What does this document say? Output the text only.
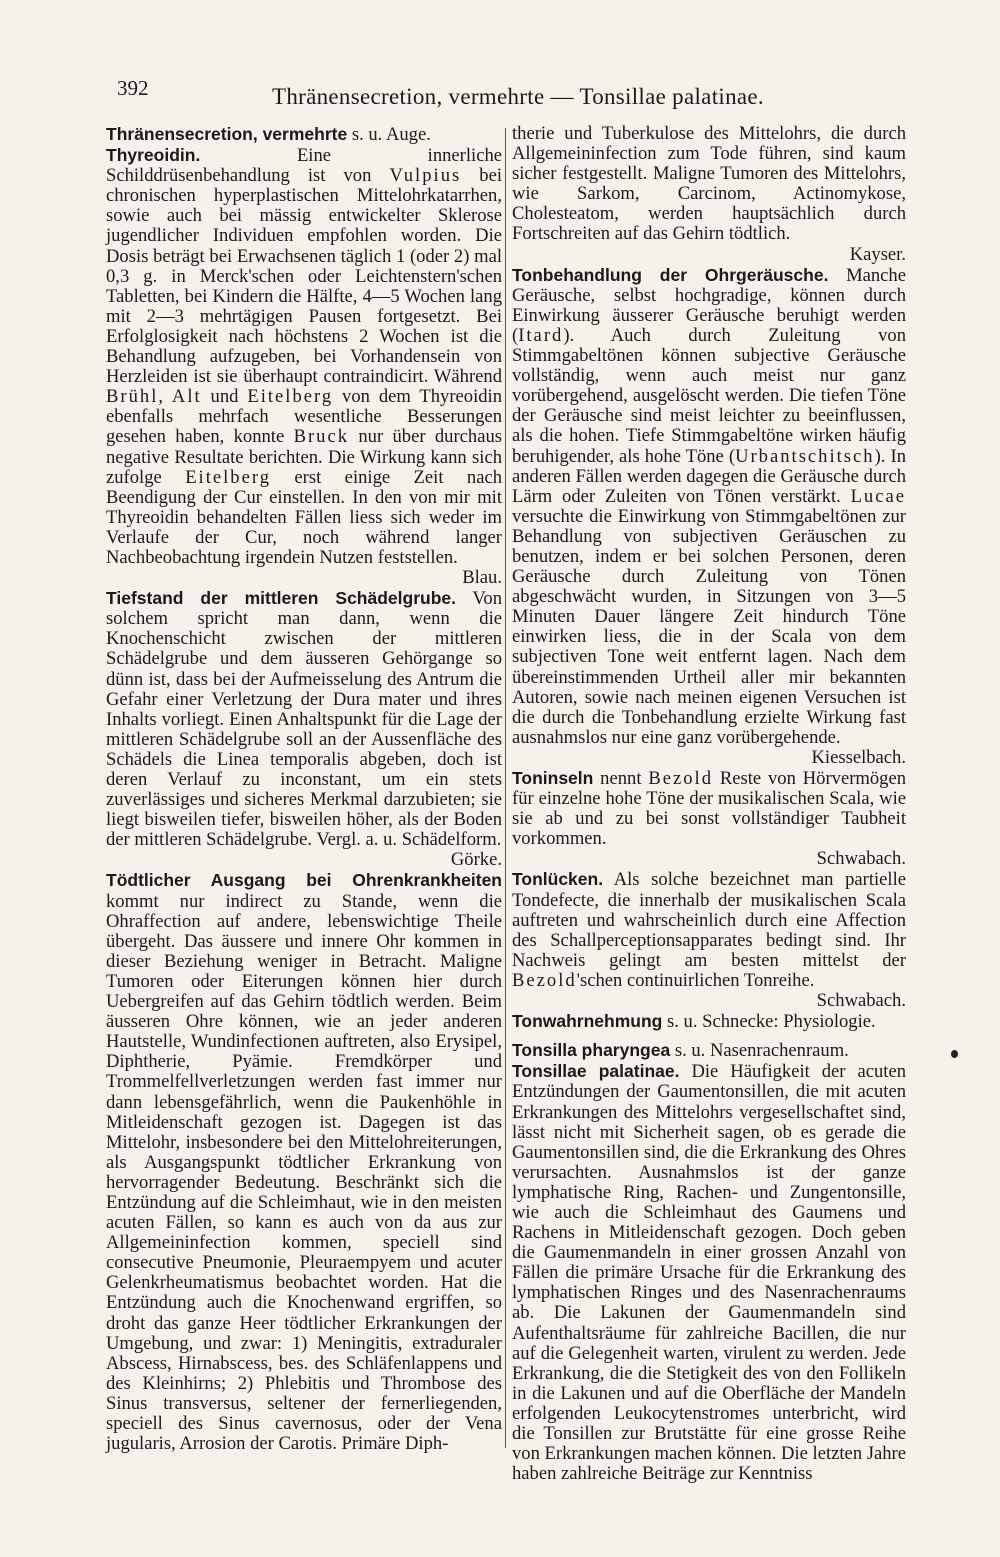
392	Thränensecretion, vermehrte — Tonsillae palatinae.

Thränensecretion, vermehrte s. u. Auge.

Thyreoidin. Eine innerliche Schilddrüsenbehandlung ist von Vulpius bei chronischen hyperplastischen Mittelohrkatarrhen, sowie auch bei mässig entwickelter Sklerose jugendlicher Individuen empfohlen worden. Die Dosis beträgt bei Erwachsenen täglich 1 (oder 2) mal 0,3 g. in Merck'schen oder Leichtenstern'schen Tabletten, bei Kindern die Hälfte, 4—5 Wochen lang mit 2—3 mehrtägigen Pausen fortgesetzt. Bei Erfolglosigkeit nach höchstens 2 Wochen ist die Behandlung aufzugeben, bei Vorhandensein von Herzleiden ist sie überhaupt contraindicirt. Während Brühl, Alt und Eitelberg von dem Thyreoidin ebenfalls mehrfach wesentliche Besserungen gesehen haben, konnte Bruck nur über durchaus negative Resultate berichten. Die Wirkung kann sich zufolge Eitelberg erst einige Zeit nach Beendigung der Cur einstellen. In den von mir mit Thyreoidin behandelten Fällen liess sich weder im Verlaufe der Cur, noch während langer Nachbeobachtung irgendein Nutzen feststellen.
Blau.

Tiefstand der mittleren Schädelgrube. Von solchem spricht man dann, wenn die Knochenschicht zwischen der mittleren Schädelgrube und dem äusseren Gehörgange so dünn ist, dass bei der Aufmeisselung des Antrum die Gefahr einer Verletzung der Dura mater und ihres Inhalts vorliegt. Einen Anhaltspunkt für die Lage der mittleren Schädelgrube soll an der Aussenfläche des Schädels die Linea temporalis abgeben, doch ist deren Verlauf zu inconstant, um ein stets zuverlässiges und sicheres Merkmal darzubieten; sie liegt bisweilen tiefer, bisweilen höher, als der Boden der mittleren Schädelgrube. Vergl. a. u. Schädelform.
Görke.

Tödtlicher Ausgang bei Ohrenkrankheiten kommt nur indirect zu Stande, wenn die Ohraffection auf andere, lebenswichtige Theile übergeht. Das äussere und innere Ohr kommen in dieser Beziehung weniger in Betracht. Maligne Tumoren oder Eiterungen können hier durch Uebergreifen auf das Gehirn tödtlich werden. Beim äusseren Ohre können, wie an jeder anderen Hautstelle, Wundinfectionen auftreten, also Erysipel, Diphtherie, Pyämie. Fremdkörper und Trommelfellverletzungen werden fast immer nur dann lebensgefährlich, wenn die Paukenhöhle in Mitleidenschaft gezogen ist. Dagegen ist das Mittelohr, insbesondere bei den Mittelohreiterungen, als Ausgangspunkt tödtlicher Erkrankung von hervorragender Bedeutung. Beschränkt sich die Entzündung auf die Schleimhaut, wie in den meisten acuten Fällen, so kann es auch von da aus zur Allgemeininfection kommen, speciell sind consecutive Pneumonie, Pleuraempyem und acuter Gelenkrheumatismus beobachtet worden. Hat die Entzündung auch die Knochenwand ergriffen, so droht das ganze Heer tödtlicher Erkrankungen der Umgebung, und zwar: 1) Meningitis, extraduraler Abscess, Hirnabscess, bes. des Schläfenlappens und des Kleinhirns; 2) Phlebitis und Thrombose des Sinus transversus, seltener der fernerliegenden, speciell des Sinus cavernosus, oder der Vena jugularis, Arrosion der Carotis. Primäre Diph-

therie und Tuberkulose des Mittelohrs, die durch Allgemeininfection zum Tode führen, sind kaum sicher festgestellt. Maligne Tumoren des Mittelohrs, wie Sarkom, Carcinom, Actinomykose, Cholesteatom, werden hauptsächlich durch Fortschreiten auf das Gehirn tödtlich.
Kayser.

Tonbehandlung der Ohrgeräusche. Manche Geräusche, selbst hochgradige, können durch Einwirkung äusserer Geräusche beruhigt werden (Itard). Auch durch Zuleitung von Stimmgabeltönen können subjective Geräusche vollständig, wenn auch meist nur ganz vorübergehend, ausgelöscht werden. Die tiefen Töne der Geräusche sind meist leichter zu beeinflussen, als die hohen. Tiefe Stimmgabeltöne wirken häufig beruhigender, als hohe Töne (Urbantschitsch). In anderen Fällen werden dagegen die Geräusche durch Lärm oder Zuleiten von Tönen verstärkt. Lucae versuchte die Einwirkung von Stimmgabeltönen zur Behandlung von subjectiven Geräuschen zu benutzen, indem er bei solchen Personen, deren Geräusche durch Zuleitung von Tönen abgeschwächt wurden, in Sitzungen von 3—5 Minuten Dauer längere Zeit hindurch Töne einwirken liess, die in der Scala von dem subjectiven Tone weit entfernt lagen. Nach dem übereinstimmenden Urtheil aller mir bekannten Autoren, sowie nach meinen eigenen Versuchen ist die durch die Tonbehandlung erzielte Wirkung fast ausnahmslos nur eine ganz vorübergehende.
Kiesselbach.

Toninseln nennt Bezold Reste von Hörvermögen für einzelne hohe Töne der musikalischen Scala, wie sie ab und zu bei sonst vollständiger Taubheit vorkommen.
Schwabach.

Tonlücken. Als solche bezeichnet man partielle Tondefecte, die innerhalb der musikalischen Scala auftreten und wahrscheinlich durch eine Affection des Schallperceptionsapparates bedingt sind. Ihr Nachweis gelingt am besten mittelst der Bezold'schen continuirlichen Tonreihe.
Schwabach.

Tonwahrnehmung s. u. Schnecke: Physiologie.

Tonsilla pharyngea s. u. Nasenrachenraum.

Tonsillae palatinae. Die Häufigkeit der acuten Entzündungen der Gaumentonsillen, die mit acuten Erkrankungen des Mittelohrs vergesellschaftet sind, lässt nicht mit Sicherheit sagen, ob es gerade die Gaumentonsillen sind, die die Erkrankung des Ohres verursachten. Ausnahmslos ist der ganze lymphatische Ring, Rachen- und Zungentonsille, wie auch die Schleimhaut des Gaumens und Rachens in Mitleidenschaft gezogen. Doch geben die Gaumenmandeln in einer grossen Anzahl von Fällen die primäre Ursache für die Erkrankung des lymphatischen Ringes und des Nasenrachenraums ab. Die Lakunen der Gaumenmandeln sind Aufenthaltsräume für zahlreiche Bacillen, die nur auf die Gelegenheit warten, virulent zu werden. Jede Erkrankung, die die Stetigkeit des von den Follikeln in die Lakunen und auf die Oberfläche der Mandeln erfolgenden Leukocytenstromes unterbricht, wird die Tonsillen zur Brutstätte für eine grosse Reihe von Erkrankungen machen können. Die letzten Jahre haben zahlreiche Beiträge zur Kenntniss
